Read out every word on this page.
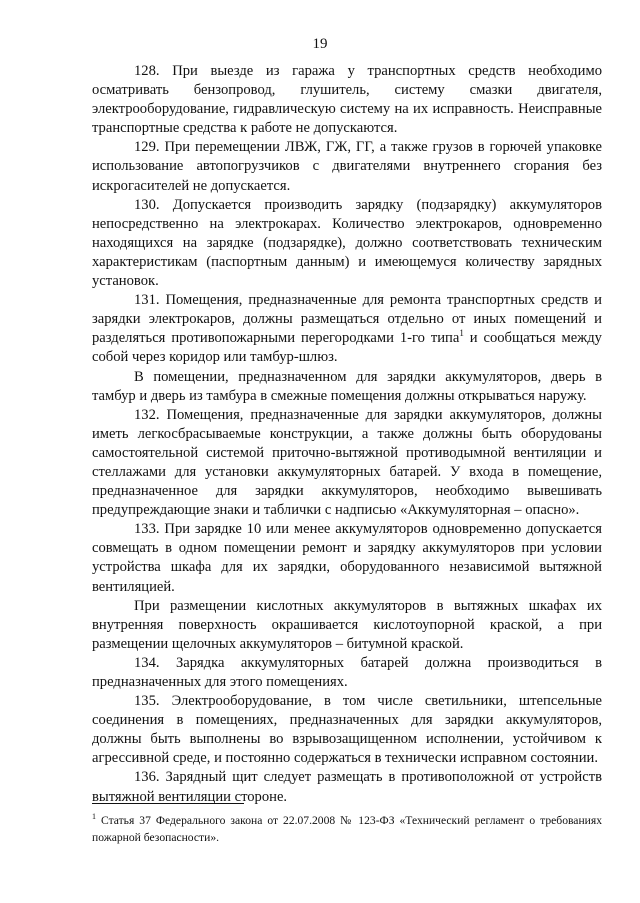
19

128. При выезде из гаража у транспортных средств необходимо осматривать бензопровод, глушитель, систему смазки двигателя, электрооборудование, гидравлическую систему на их исправность. Неисправные транспортные средства к работе не допускаются.

129. При перемещении ЛВЖ, ГЖ, ГГ, а также грузов в горючей упаковке использование автопогрузчиков с двигателями внутреннего сгорания без искрогасителей не допускается.

130. Допускается производить зарядку (подзарядку) аккумуляторов непосредственно на электрокарах. Количество электрокаров, одновременно находящихся на зарядке (подзарядке), должно соответствовать техническим характеристикам (паспортным данным) и имеющемуся количеству зарядных установок.

131. Помещения, предназначенные для ремонта транспортных средств и зарядки электрокаров, должны размещаться отдельно от иных помещений и разделяться противопожарными перегородками 1-го типа$^1$ и сообщаться между собой через коридор или тамбур-шлюз.

В помещении, предназначенном для зарядки аккумуляторов, дверь в тамбур и дверь из тамбура в смежные помещения должны открываться наружу.

132. Помещения, предназначенные для зарядки аккумуляторов, должны иметь легкосбрасываемые конструкции, а также должны быть оборудованы самостоятельной системой приточно-вытяжной противодымной вентиляции и стеллажами для установки аккумуляторных батарей. У входа в помещение, предназначенное для зарядки аккумуляторов, необходимо вывешивать предупреждающие знаки и таблички с надписью «Аккумуляторная – опасно».

133. При зарядке 10 или менее аккумуляторов одновременно допускается совмещать в одном помещении ремонт и зарядку аккумуляторов при условии устройства шкафа для их зарядки, оборудованного независимой вытяжной вентиляцией.

При размещении кислотных аккумуляторов в вытяжных шкафах их внутренняя поверхность окрашивается кислотоупорной краской, а при размещении щелочных аккумуляторов – битумной краской.

134. Зарядка аккумуляторных батарей должна производиться в предназначенных для этого помещениях.

135. Электрооборудование, в том числе светильники, штепсельные соединения в помещениях, предназначенных для зарядки аккумуляторов, должны быть выполнены во взрывозащищенном исполнении, устойчивом к агрессивной среде, и постоянно содержаться в технически исправном состоянии.

136. Зарядный щит следует размещать в противоположной от устройств вытяжной вентиляции стороне.

$^1$ Статья 37 Федерального закона от 22.07.2008 № 123-ФЗ «Технический регламент о требованиях пожарной безопасности».
